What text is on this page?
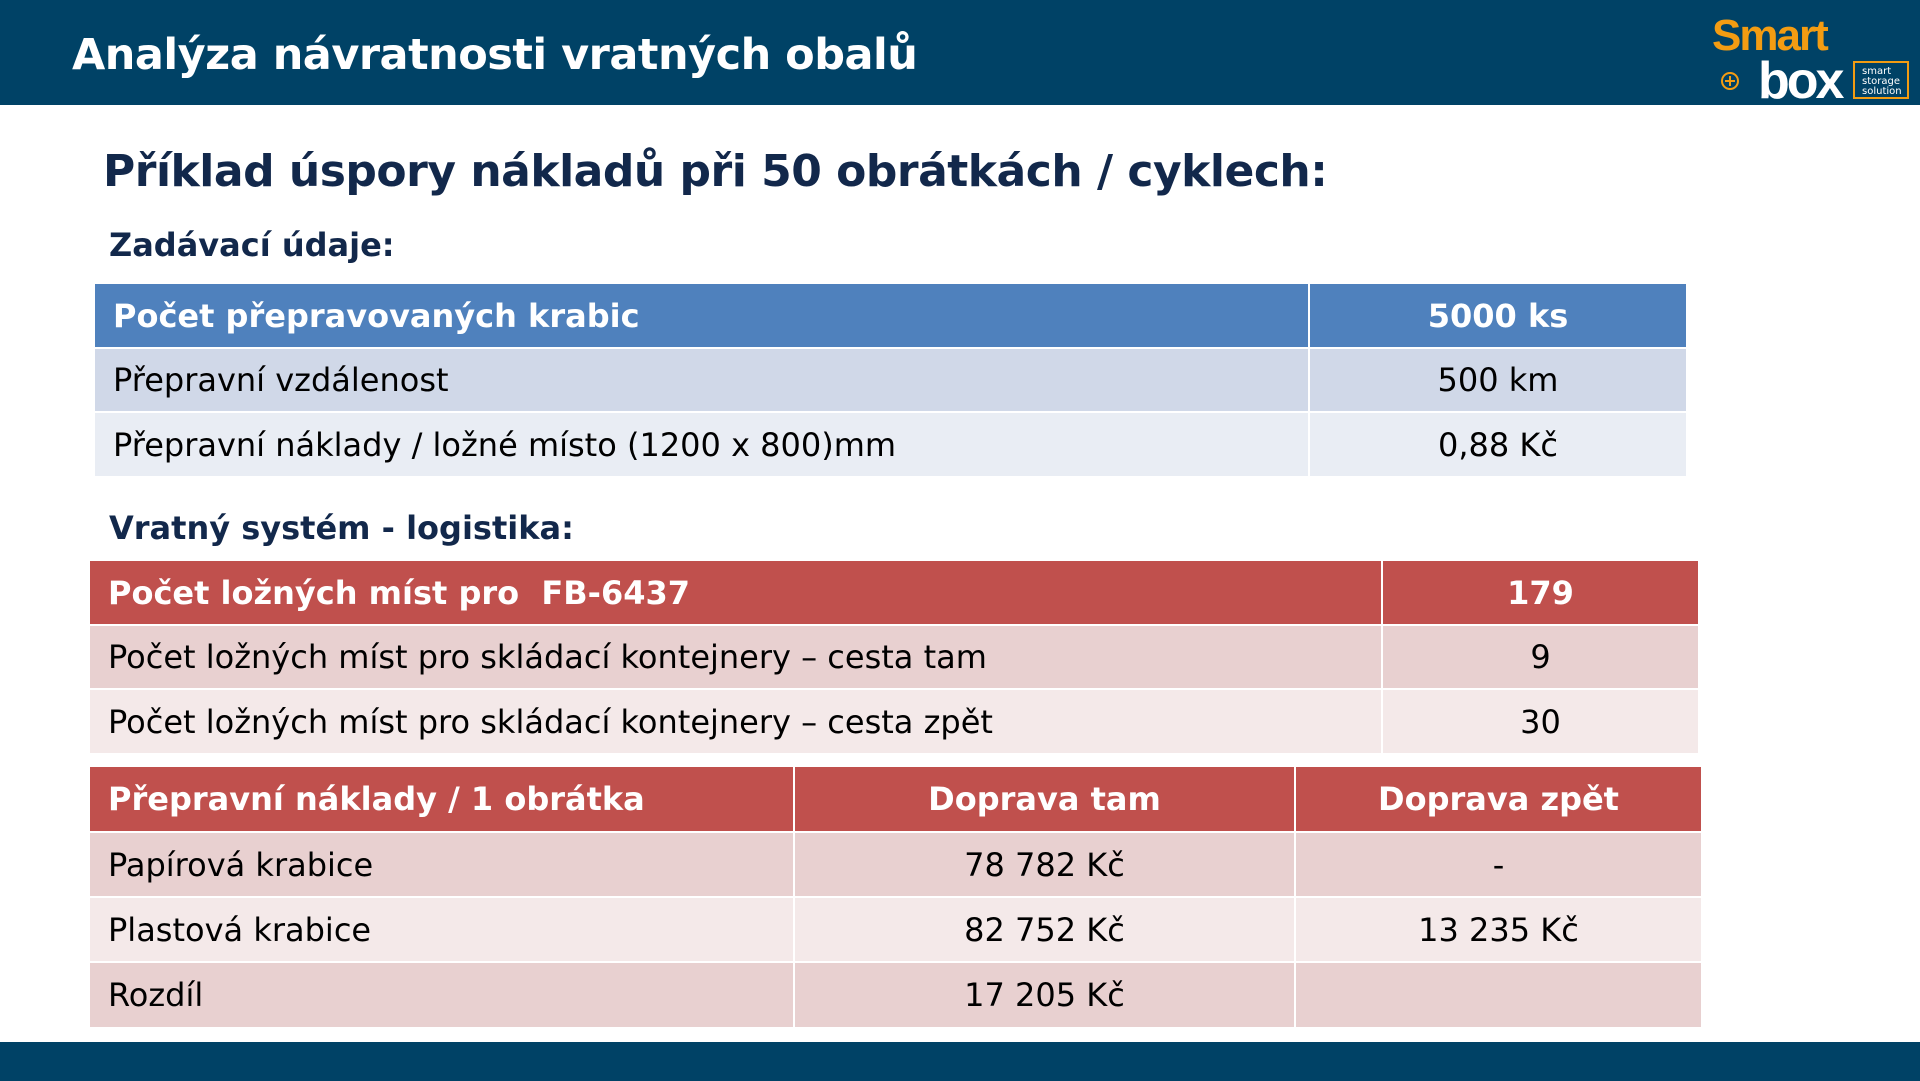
Analýza návratnosti vratných obalů	Smart
box	smart
storage
solution
Příklad úspory nákladů při 50 obrátkách / cyklech:
Zadávací údaje:
Počet přepravovaných krabic	5000 ks
Přepravní vzdálenost	500 km
Přepravní náklady / ložné místo (1200 x 800)mm	0,88 Kč
Vratný systém - logistika:
Počet ložných míst pro  FB-6437	179
Počet ložných míst pro skládací kontejnery – cesta tam	9
Počet ložných míst pro skládací kontejnery – cesta zpět	30
Přepravní náklady / 1 obrátka	Doprava tam	Doprava zpět
Papírová krabice	78 782 Kč	-
Plastová krabice	82 752 Kč	13 235 Kč
Rozdíl	17 205 Kč	
